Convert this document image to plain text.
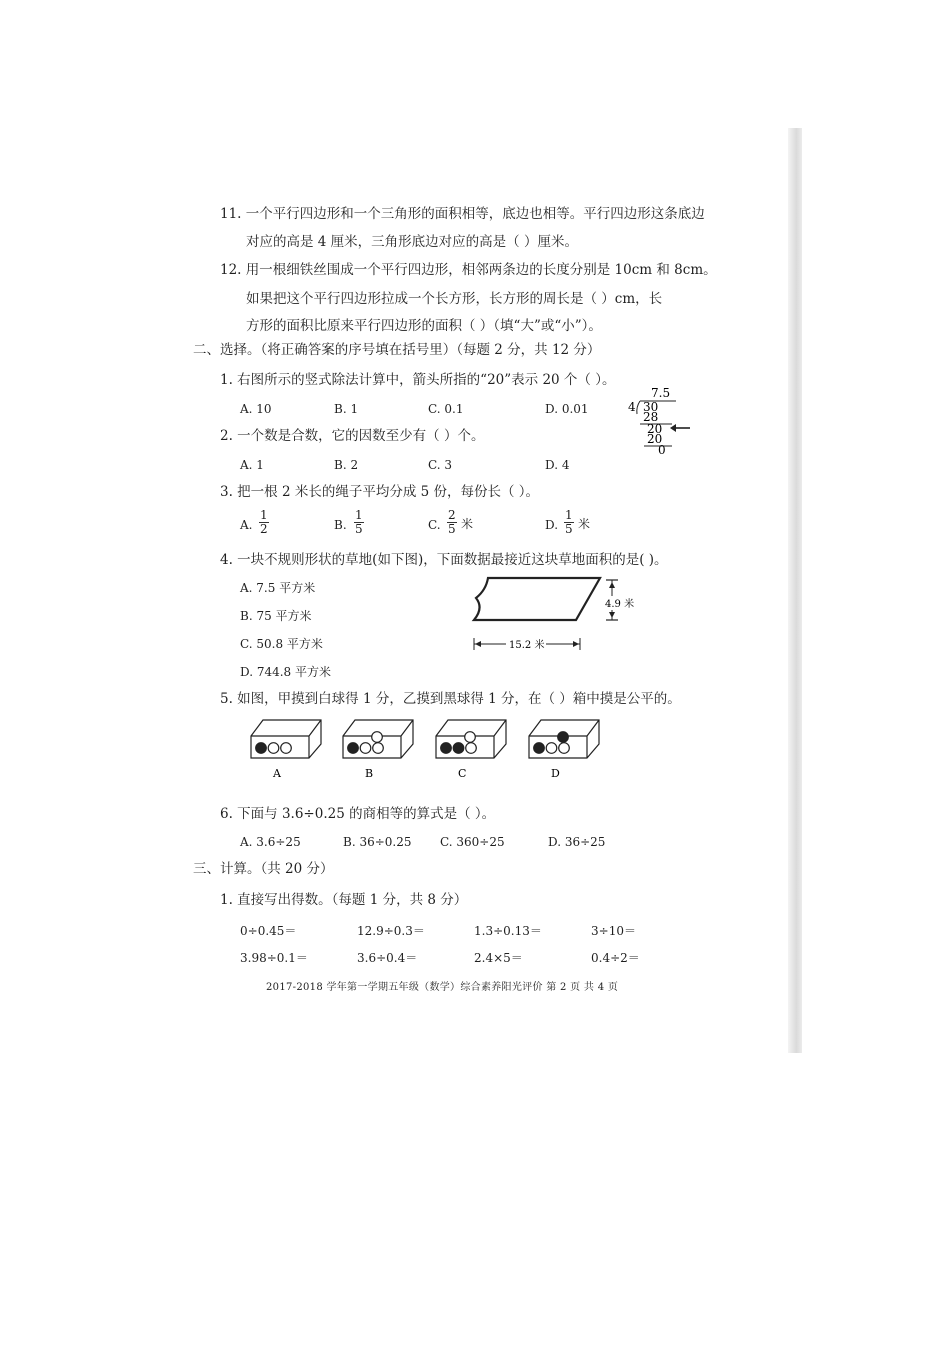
11. 一个平行四边形和一个三角形的面积相等，底边也相等。平行四边形这条底边
对应的高是 4 厘米，三角形底边对应的高是（ ）厘米。
12. 用一根细铁丝围成一个平行四边形，相邻两条边的长度分别是 10cm 和 8cm。
如果把这个平行四边形拉成一个长方形，长方形的周长是（ ）cm，长
方形的面积比原来平行四边形的面积（ ）（填“大”或“小”）。
二、选择。（将正确答案的序号填在括号里）（每题 2 分，共 12 分）
1. 右图所示的竖式除法计算中，箭头所指的“20”表示 20 个（ ）。
A. 10	B. 1	C. 0.1	D. 0.01
7.5
4 30
28
20
20
0
2. 一个数是合数，它的因数至少有（ ）个。
A. 1	B. 2	C. 3	D. 4
3. 把一根 2 米长的绳子平均分成 5 份，每份长（ ）。
A. $\frac{1}{2}$	B. $\frac{1}{5}$	C. $\frac{2}{5}$ 米	D. $\frac{1}{5}$ 米
4. 一块不规则形状的草地(如下图)，下面数据最接近这块草地面积的是( )。
A. 7.5 平方米
B. 75 平方米
C. 50.8 平方米
D. 744.8 平方米
4.9 米
15.2 米
5. 如图，甲摸到白球得 1 分，乙摸到黑球得 1 分，在（ ）箱中摸是公平的。
A	B	C	D
6. 下面与 3.6÷0.25 的商相等的算式是（ ）。
A. 3.6÷25	B. 36÷0.25 C. 360÷25	D. 36÷25
三、计算。（共 20 分）
1. 直接写出得数。（每题 1 分，共 8 分）
0÷0.45＝	12.9÷0.3＝	1.3÷0.13＝	3÷10＝
3.98÷0.1＝	3.6÷0.4＝	2.4×5＝	0.4÷2＝
2017-2018 学年第一学期五年级（数学）综合素养阳光评价 第 2 页 共 4 页
